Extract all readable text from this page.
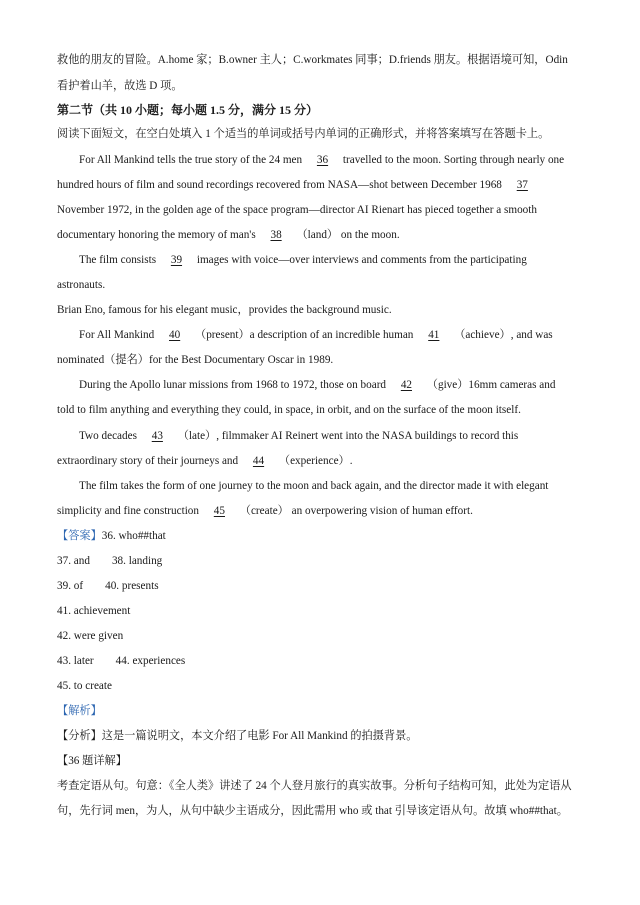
救他的朋友的冒险。A.home 家；B.owner 主人；C.workmates 同事；D.friends 朋友。根据语境可知，Odin
看护着山羊，故选 D 项。
第二节（共 10 小题；每小题 1.5 分，满分 15 分）
阅读下面短文，在空白处填入 1 个适当的单词或括号内单词的正确形式，并将答案填写在答题卡上。
For All Mankind tells the true story of the 24 men 36 travelled to the moon. Sorting through nearly one
hundred hours of film and sound recordings recovered from NASA—shot between December 1968 37
November 1972, in the golden age of the space program—director AI Rienart has pieced together a smooth
documentary honoring the memory of man's 38 （land） on the moon.
The film consists 39 images with voice—over interviews and comments from the participating
astronauts.
Brian Eno, famous for his elegant music，provides the background music.
For All Mankind 40 （present）a description of an incredible human 41 （achieve）, and was
nominated（提名）for the Best Documentary Oscar in 1989.
During the Apollo lunar missions from 1968 to 1972, those on board 42 （give）16mm cameras and
told to film anything and everything they could, in space, in orbit, and on the surface of the moon itself.
Two decades 43 （late）, filmmaker AI Reinert went into the NASA buildings to record this
extraordinary story of their journeys and 44 （experience）.
The film takes the form of one journey to the moon and back again, and the director made it with elegant
simplicity and fine construction 45 （create） an overpowering vision of human effort.
【答案】36. who##that
37. and 38. landing
39. of 40. presents
41. achievement
42. were given
43. later 44. experiences
45. to create
【解析】
【分析】这是一篇说明文，本文介绍了电影 For All Mankind 的拍摄背景。
【36 题详解】
考查定语从句。句意：《全人类》讲述了 24 个人登月旅行的真实故事。分析句子结构可知，此处为定语从
句，先行词 men，为人，从句中缺少主语成分，因此需用 who 或 that 引导该定语从句。故填 who##that。
